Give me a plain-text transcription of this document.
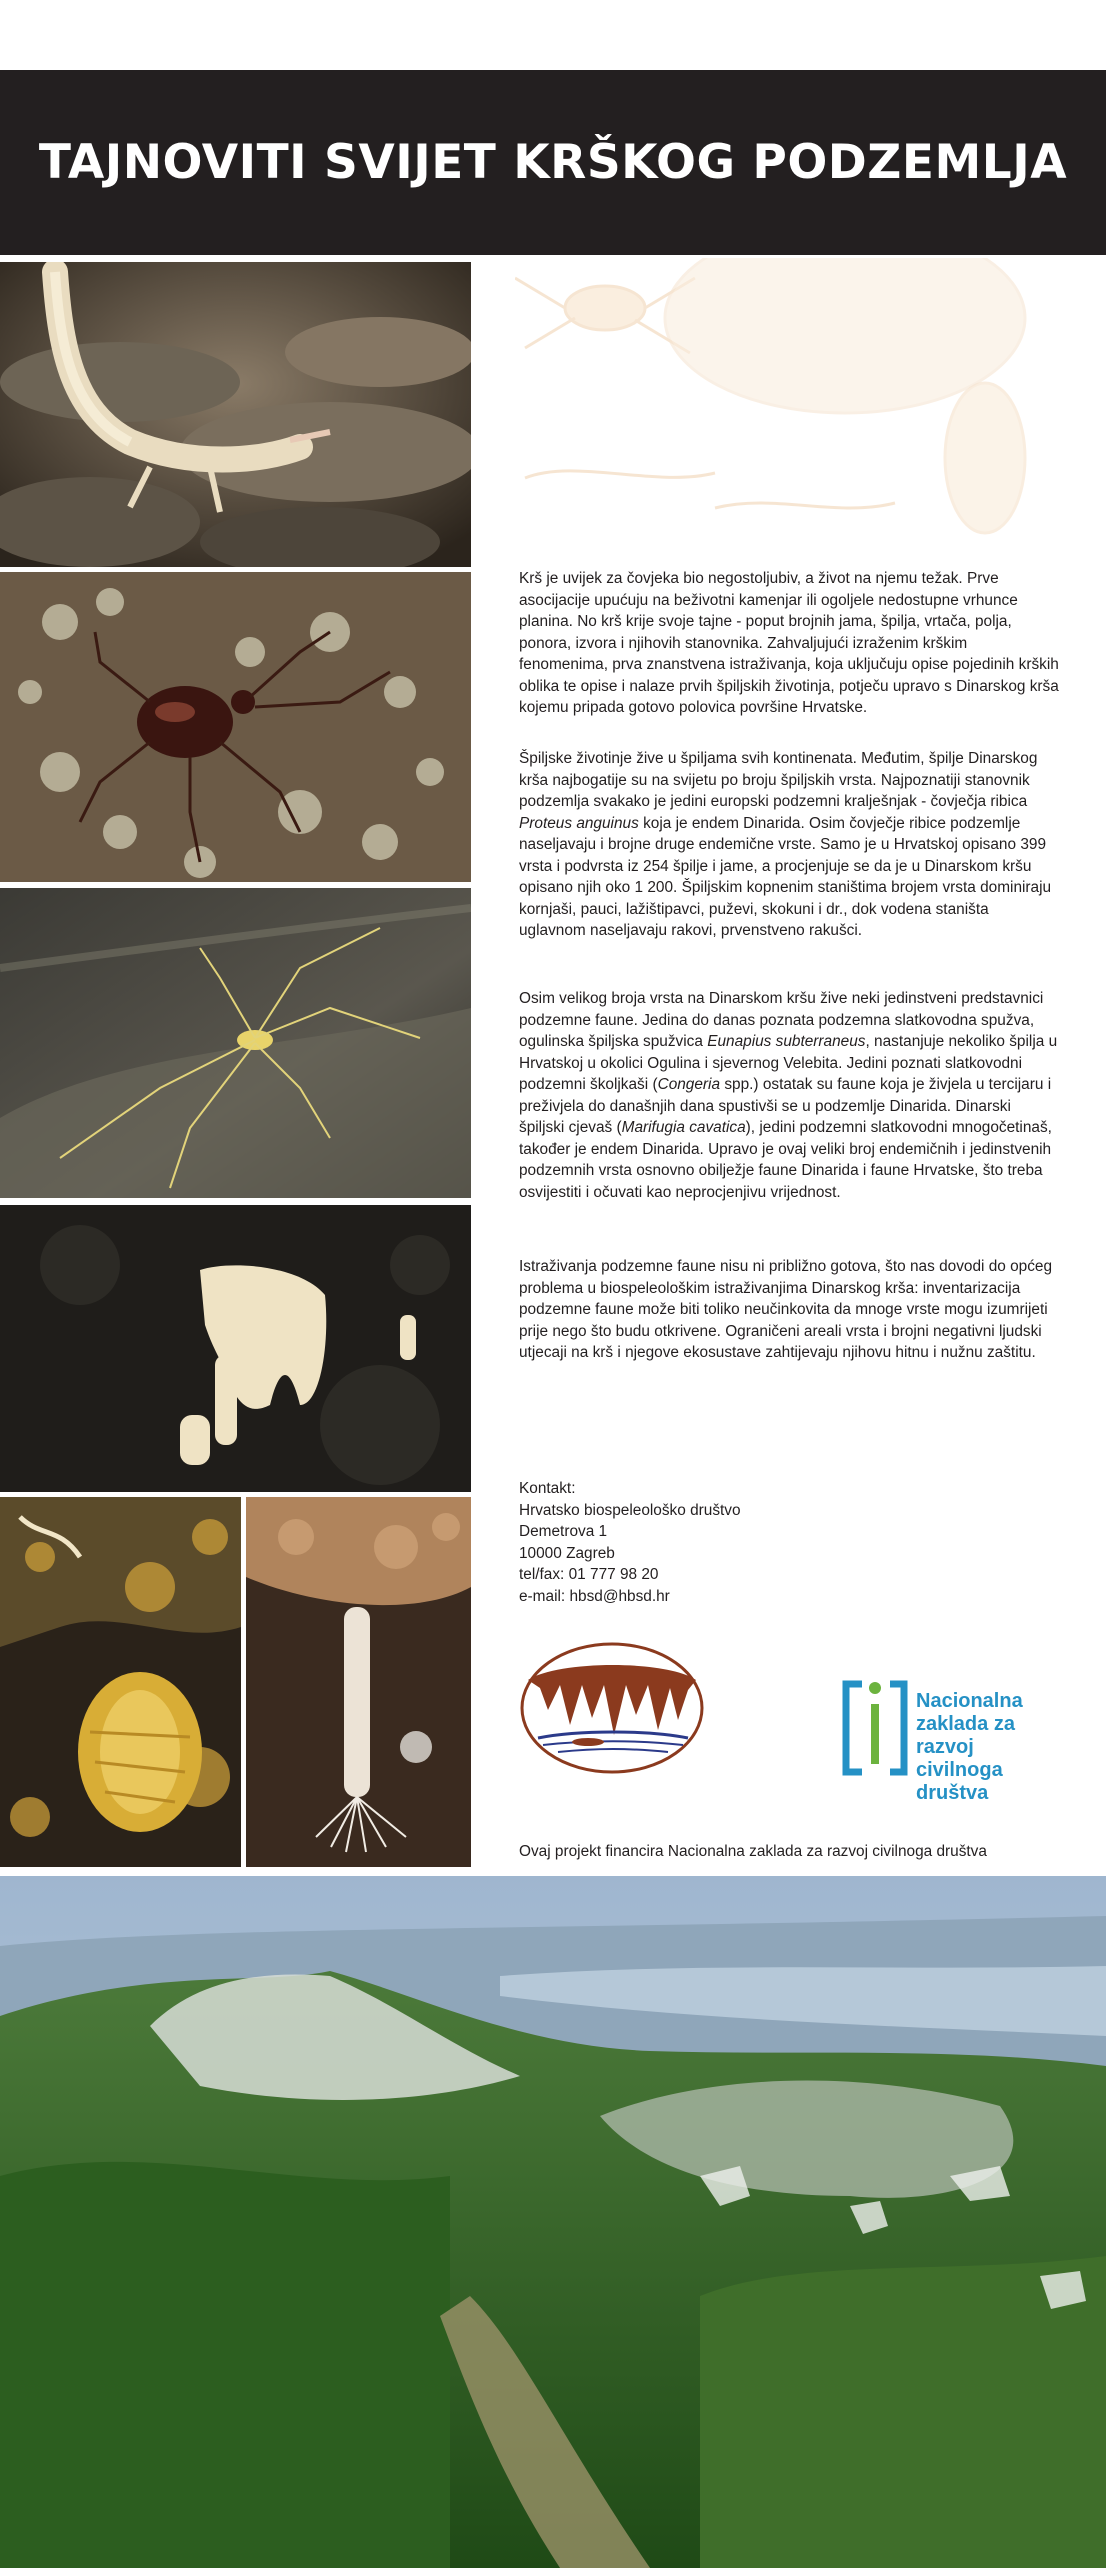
TAJNOVITI SVIJET KRŠKOG PODZEMLJA

Krš je uvijek za čovjeka bio negostoljubiv, a život na njemu težak. Prve asocijacije upućuju na beživotni kamenjar ili ogoljele nedostupne vrhunce planina. No krš krije svoje tajne - poput brojnih jama, špilja, vrtača, polja, ponora, izvora i njihovih stanovnika. Zahvaljujući izraženim krškim fenomenima, prva znanstvena istraživanja, koja uključuju opise pojedinih krških oblika te opise i nalaze prvih špiljskih životinja, potječu upravo s Dinarskog krša kojemu pripada gotovo polovica površine Hrvatske.

Špiljske životinje žive u špiljama svih kontinenata. Međutim, špilje Dinarskog krša najbogatije su na svijetu po broju špiljskih vrsta. Najpoznatiji stanovnik podzemlja svakako je jedini europski podzemni kralješnjak - čovječja ribica Proteus anguinus koja je endem Dinarida. Osim čovječje ribice podzemlje naseljavaju i brojne druge endemične vrste. Samo je u Hrvatskoj opisano 399 vrsta i podvrsta iz 254 špilje i jame, a procjenjuje se da je u Dinarskom kršu opisano njih oko 1 200. Špiljskim kopnenim staništima brojem vrsta dominiraju kornjaši, pauci, lažištipavci, puževi, skokuni i dr., dok vodena staništa uglavnom naseljavaju rakovi, prvenstveno rakušci.

Osim velikog broja vrsta na Dinarskom kršu žive neki jedinstveni predstavnici podzemne faune. Jedina do danas poznata podzemna slatkovodna spužva, ogulinska špiljska spužvica Eunapius subterraneus, nastanjuje nekoliko špilja u Hrvatskoj u okolici Ogulina i sjevernog Velebita. Jedini poznati slatkovodni podzemni školjkaši (Congeria spp.) ostatak su faune koja je živjela u tercijaru i preživjela do današnjih dana spustivši se u podzemlje Dinarida. Dinarski špiljski cjevaš (Marifugia cavatica), jedini podzemni slatkovodni mnogočetinaš, također je endem Dinarida. Upravo je ovaj veliki broj endemičnih i jedinstvenih podzemnih vrsta osnovno obilježje faune Dinarida i faune Hrvatske, što treba osvijestiti i očuvati kao neprocjenjivu vrijednost.

Istraživanja podzemne faune nisu ni približno gotova, što nas dovodi do općeg problema u biospeleološkim istraživanjima Dinarskog krša: inventarizacija podzemne faune može biti toliko neučinkovita da mnoge vrste mogu izumrijeti prije nego što budu otkrivene. Ograničeni areali vrsta i brojni negativni ljudski utjecaji na krš i njegove ekosustave zahtijevaju njihovu hitnu i nužnu zaštitu.

Kontakt:
Hrvatsko biospeleološko društvo
Demetrova 1
10000 Zagreb
tel/fax: 01 777 98 20
e-mail: hbsd@hbsd.hr
Nacionalna
zaklada za
razvoj
civilnoga
društva
Ovaj projekt financira Nacionalna zaklada za razvoj civilnoga društva
